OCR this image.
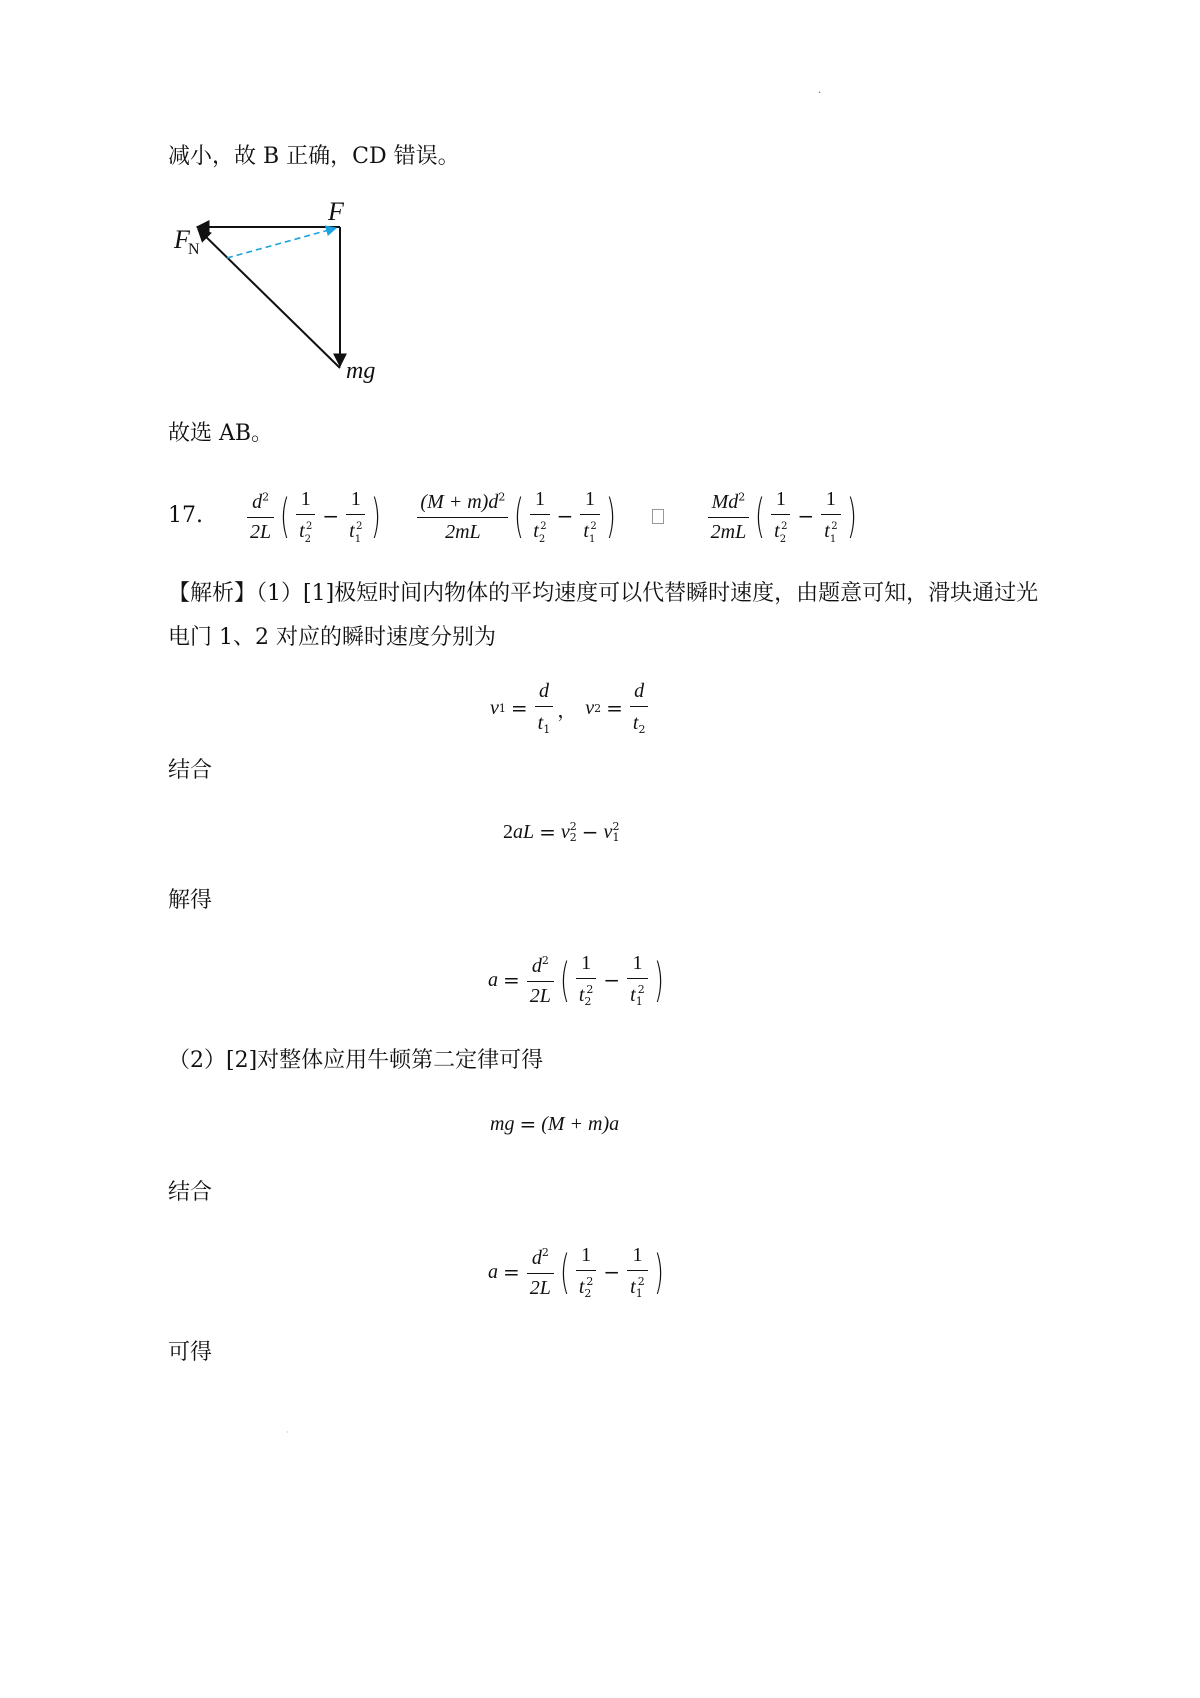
·
减小，故 B 正确，CD 错误。
F
F
N
mg
故选 AB。
17. $\frac{d^2}{2L}$ ( $\frac{1}{t_2^2} - \frac{1}{t_1^2}$ ) $\frac{(M + m)d^2}{2mL}$ ( $\frac{1}{t_2^2} - \frac{1}{t_1^2}$ )	$\frac{Md^2}{2mL}$ ( $\frac{1}{t_2^2} - \frac{1}{t_1^2}$ )
【解析】（1）[1]极短时间内物体的平均速度可以代替瞬时速度，由题意可知，滑块通过光
电门 1、2 对应的瞬时速度分别为
v $1 = \frac{d}{t_1}$ ， v $2 = \frac{d}{t_2}$
结合
2 a L = v 2
2 − v 2
1
解得
$a = \frac{d^2}{2L}$ ( $\frac{1}{t_2^2} - \frac{1}{t_1^2}$ )
（2）[2]对整体应用牛顿第二定律可得
mg = (M + m) a
结合
$a = \frac{d^2}{2L}$ ( $\frac{1}{t_2^2} - \frac{1}{t_1^2}$ )
可得
·
